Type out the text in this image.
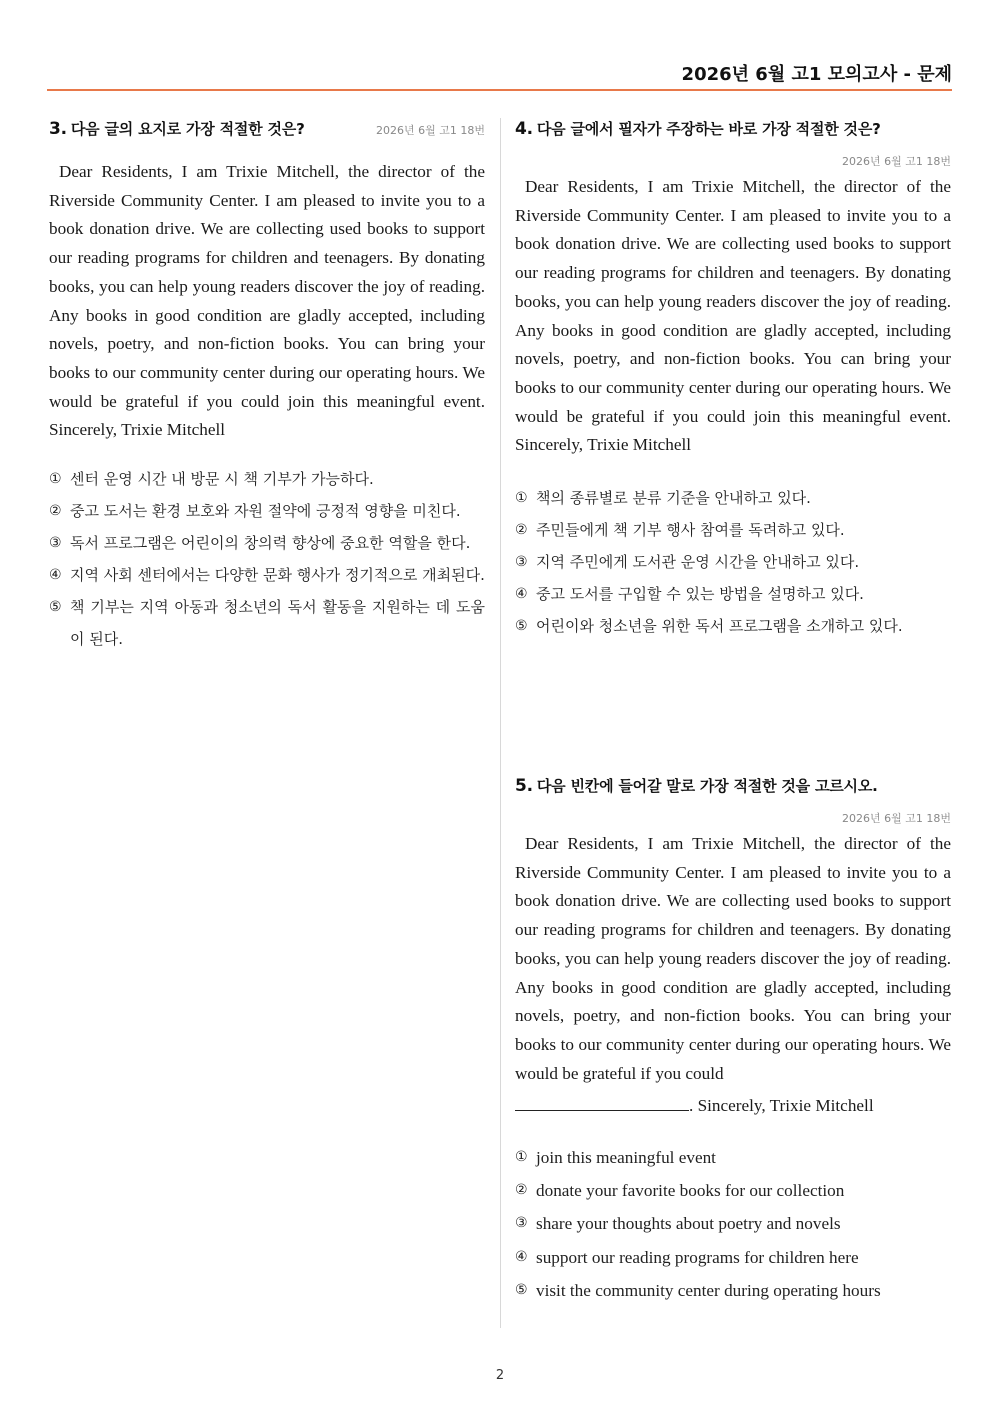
2026년 6월 고1 모의고사 - 문제
3. 다음 글의 요지로 가장 적절한 것은?	2026년 6월 고1 18번

Dear Residents, I am Trixie Mitchell, the director of the Riverside Community Center. I am pleased to invite you to a book donation drive. We are collecting used books to support our reading programs for children and teenagers. By donating books, you can help young readers discover the joy of reading. Any books in good condition are gladly accepted, including novels, poetry, and non-fiction books. You can bring your books to our community center during our operating hours. We would be grateful if you could join this meaningful event. Sincerely, Trixie Mitchell

① 센터 운영 시간 내 방문 시 책 기부가 가능하다.
② 중고 도서는 환경 보호와 자원 절약에 긍정적 영향을 미친다.
③ 독서 프로그램은 어린이의 창의력 향상에 중요한 역할을 한다.
④ 지역 사회 센터에서는 다양한 문화 행사가 정기적으로 개최된다.
⑤ 책 기부는 지역 아동과 청소년의 독서 활동을 지원하는 데 도움이 된다.
4. 다음 글에서 필자가 주장하는 바로 가장 적절한 것은?
2026년 6월 고1 18번

Dear Residents, I am Trixie Mitchell, the director of the Riverside Community Center. I am pleased to invite you to a book donation drive. We are collecting used books to support our reading programs for children and teenagers. By donating books, you can help young readers discover the joy of reading. Any books in good condition are gladly accepted, including novels, poetry, and non-fiction books. You can bring your books to our community center during our operating hours. We would be grateful if you could join this meaningful event. Sincerely, Trixie Mitchell

① 책의 종류별로 분류 기준을 안내하고 있다.
② 주민들에게 책 기부 행사 참여를 독려하고 있다.
③ 지역 주민에게 도서관 운영 시간을 안내하고 있다.
④ 중고 도서를 구입할 수 있는 방법을 설명하고 있다.
⑤ 어린이와 청소년을 위한 독서 프로그램을 소개하고 있다.
5. 다음 빈칸에 들어갈 말로 가장 적절한 것을 고르시오.
2026년 6월 고1 18번

Dear Residents, I am Trixie Mitchell, the director of the Riverside Community Center. I am pleased to invite you to a book donation drive. We are collecting used books to support our reading programs for children and teenagers. By donating books, you can help young readers discover the joy of reading. Any books in good condition are gladly accepted, including novels, poetry, and non-fiction books. You can bring your books to our community center during our operating hours. We would be grateful if you could

. Sincerely, Trixie Mitchell

① join this meaningful event
② donate your favorite books for our collection
③ share your thoughts about poetry and novels
④ support our reading programs for children here
⑤ visit the community center during operating hours
2
